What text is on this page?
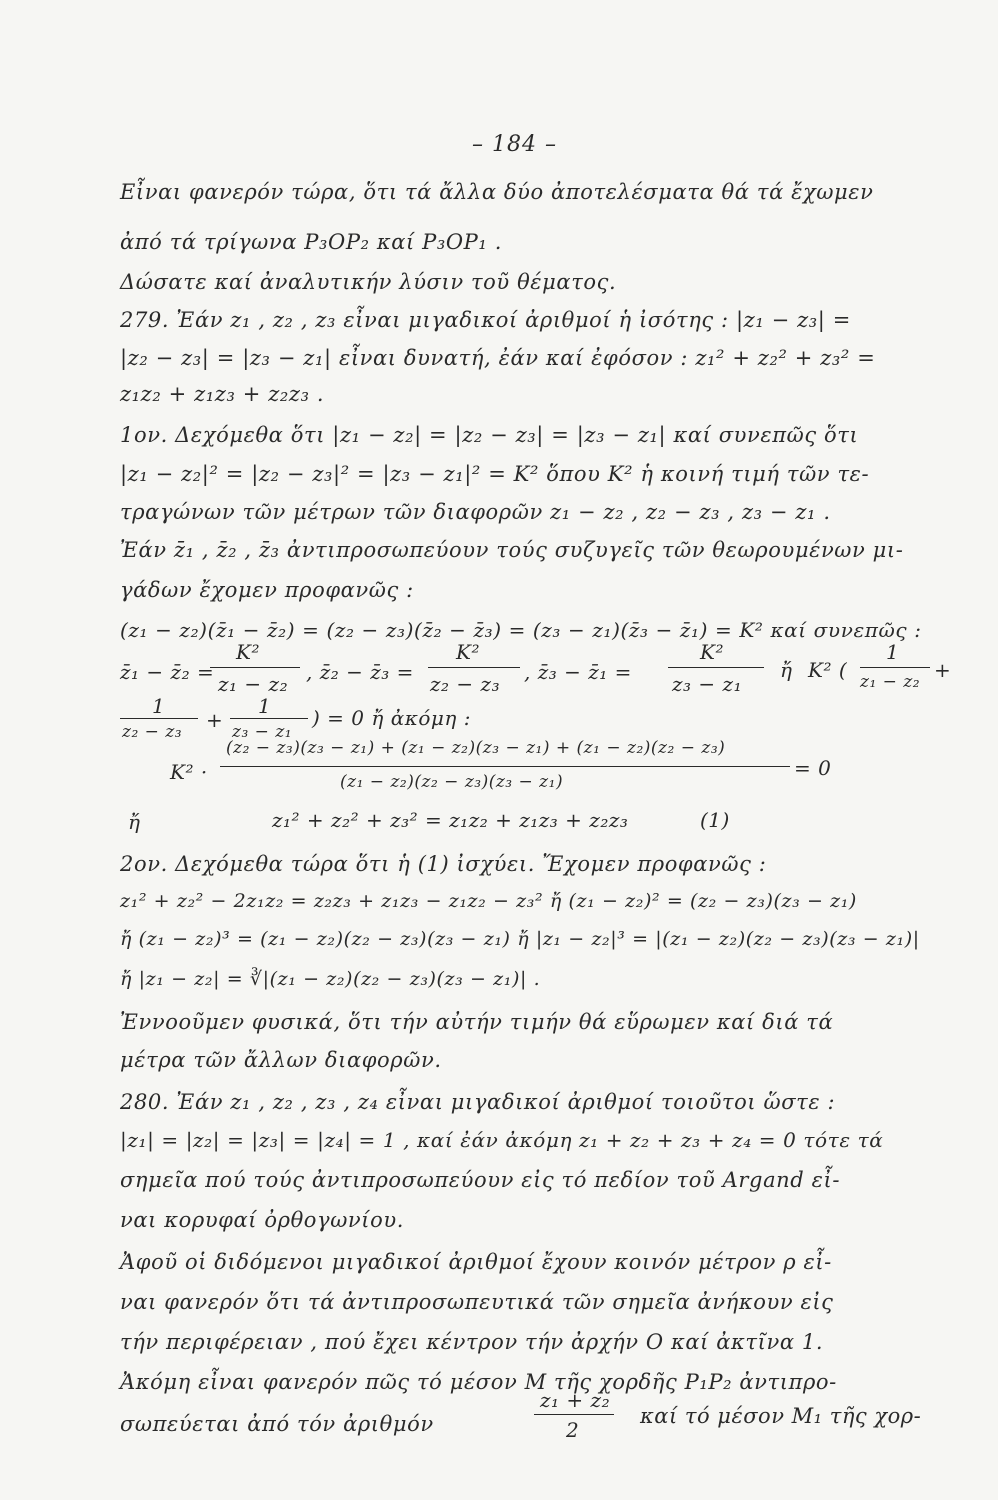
– 184 –
Εἶναι φανερόν τώρα, ὅτι τά ἄλλα δύο ἀποτελέσματα θά τά ἔχωμεν
ἀπό τά τρίγωνα P₃OP₂ καί P₃OP₁ .
Δώσατε καί ἀναλυτικήν λύσιν τοῦ θέματος.
279. Ἐάν z₁ , z₂ , z₃ εἶναι μιγαδικοί ἀριθμοί ἡ ἰσότης : |z₁ − z₃| =
|z₂ − z₃| = |z₃ − z₁| εἶναι δυνατή, ἐάν καί ἐφόσον : z₁² + z₂² + z₃² =
z₁z₂ + z₁z₃ + z₂z₃ .
1ον. Δεχόμεθα ὅτι |z₁ − z₂| = |z₂ − z₃| = |z₃ − z₁| καί συνεπῶς ὅτι
|z₁ − z₂|² = |z₂ − z₃|² = |z₃ − z₁|² = K² ὅπου K² ἡ κοινή τιμή τῶν τε-
τραγώνων τῶν μέτρων τῶν διαφορῶν z₁ − z₂ , z₂ − z₃ , z₃ − z₁ .
Ἐάν z̄₁ , z̄₂ , z̄₃ ἀντιπροσωπεύουν τούς συζυγεῖς τῶν θεωρουμένων μι-
γάδων ἔχομεν προφανῶς :
(z₁ − z₂)(z̄₁ − z̄₂) = (z₂ − z₃)(z̄₂ − z̄₃) = (z₃ − z₁)(z̄₃ − z̄₁) = K² καί συνεπῶς :
z̄₁ − z̄₂ =
K²
z₁ − z₂ , z̄₂ − z̄₃ =
K²
z₂ − z₃ , z̄₃ − z̄₁ =
K²
z₃ − z₁
ἤ K² (
1
z₁ − z₂ +
1
z₂ − z₃ +
1
z₃ − z₁
) = 0 ἤ ἀκόμη :
K² ·
(z₂ − z₃)(z₃ − z₁) + (z₁ − z₂)(z₃ − z₁) + (z₁ − z₂)(z₂ − z₃)
(z₁ − z₂)(z₂ − z₃)(z₃ − z₁)
= 0
ἤ	z₁² + z₂² + z₃² = z₁z₂ + z₁z₃ + z₂z₃	(1)
2ον. Δεχόμεθα τώρα ὅτι ἡ (1) ἰσχύει. Ἔχομεν προφανῶς :
z₁² + z₂² − 2z₁z₂ = z₂z₃ + z₁z₃ − z₁z₂ − z₃² ἤ (z₁ − z₂)² = (z₂ − z₃)(z₃ − z₁)
ἤ (z₁ − z₂)³ = (z₁ − z₂)(z₂ − z₃)(z₃ − z₁) ἤ |z₁ − z₂|³ = |(z₁ − z₂)(z₂ − z₃)(z₃ − z₁)|
ἤ |z₁ − z₂| = ∛|(z₁ − z₂)(z₂ − z₃)(z₃ − z₁)| .
Ἐννοοῦμεν φυσικά, ὅτι τήν αὐτήν τιμήν θά εὕρωμεν καί διά τά
μέτρα τῶν ἄλλων διαφορῶν.
280. Ἐάν z₁ , z₂ , z₃ , z₄ εἶναι μιγαδικοί ἀριθμοί τοιοῦτοι ὥστε :
|z₁| = |z₂| = |z₃| = |z₄| = 1 , καί ἐάν ἀκόμη z₁ + z₂ + z₃ + z₄ = 0 τότε τά
σημεῖα πού τούς ἀντιπροσωπεύουν εἰς τό πεδίον τοῦ Argand εἶ-
ναι κορυφαί ὀρθογωνίου.
Ἀφοῦ οἱ διδόμενοι μιγαδικοί ἀριθμοί ἔχουν κοινόν μέτρον ρ εἶ-
ναι φανερόν ὅτι τά ἀντιπροσωπευτικά τῶν σημεῖα ἀνήκουν εἰς
τήν περιφέρειαν , πού ἔχει κέντρον τήν ἀρχήν O καί ἀκτῖνα 1.
Ἀκόμη εἶναι φανερόν πῶς τό μέσον M τῆς χορδῆς P₁P₂ ἀντιπρο-
σωπεύεται ἀπό τόν ἀριθμόν
z₁ + z₂
2
καί τό μέσον M₁ τῆς χορ-
